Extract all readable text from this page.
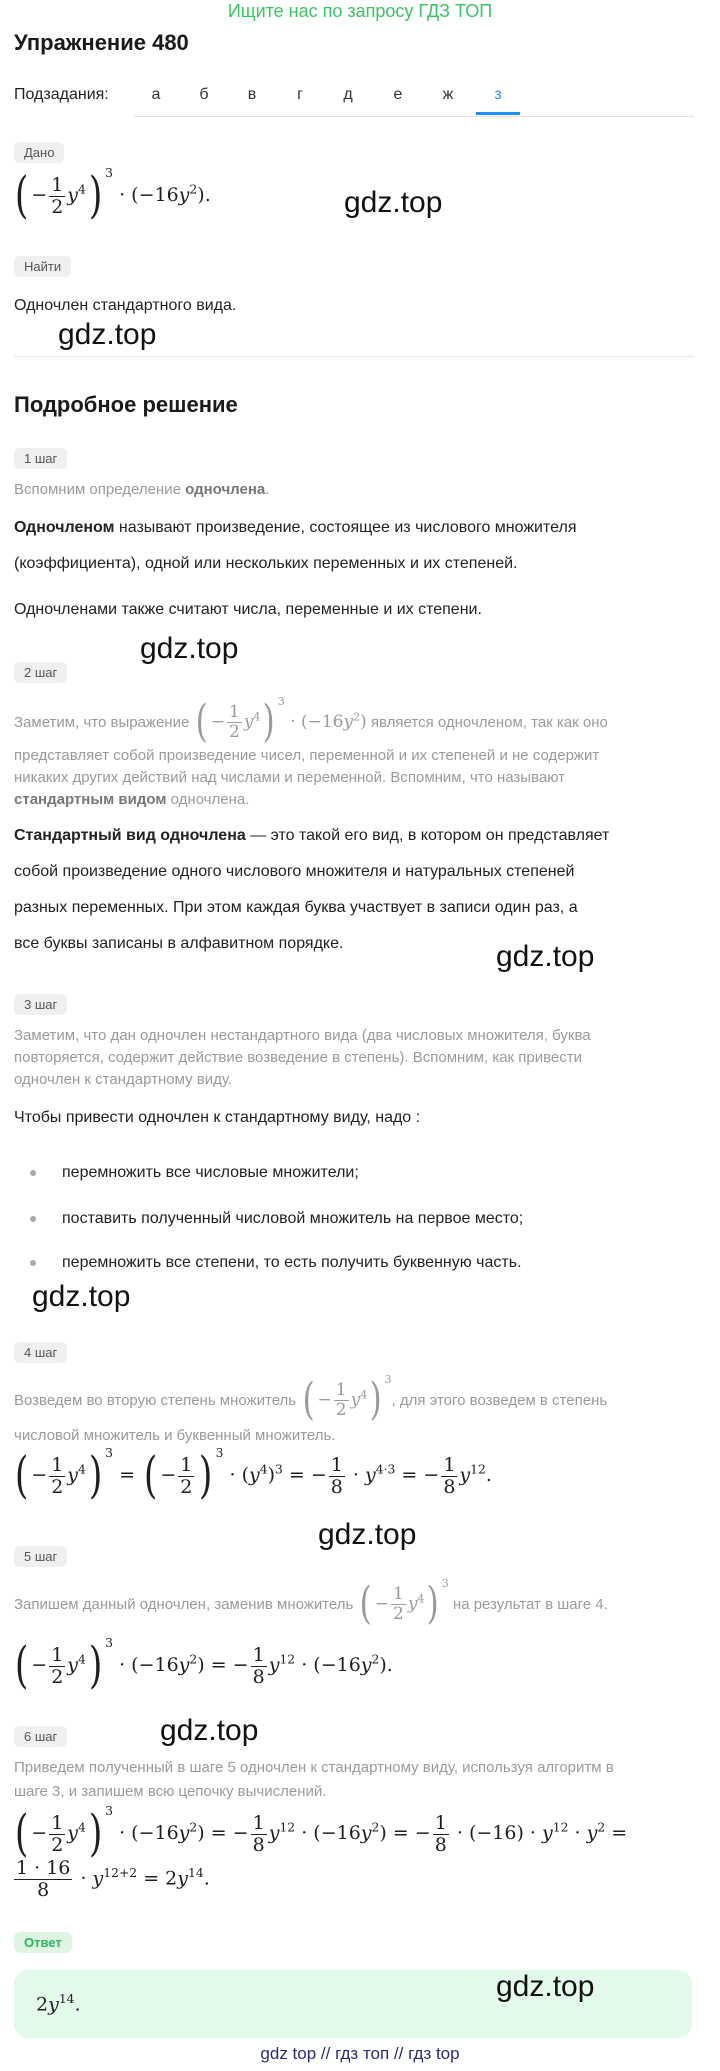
Ищите нас по запросу ГДЗ ТОП
Упражнение 480
Подзадания:	а	б	в	г	д	е	ж	з
Дано
( − $\frac{1}{2} y^4$) $^3 \cdot (-16y^2)$.	gdz.top
Найти
Одночлен стандартного вида.
gdz.top
Подробное решение
1 шаг
Вспомним определение одночлена.
Одночленом называют произведение, состоящее из числового множителя
(коэффициента), одной или нескольких переменных и их степеней.
Одночленами также считают числа, переменные и их степени.
gdz.top
2 шаг
Заметим, что выражение ( − $\frac{1}{2} y^4$) $^3 \cdot (-16y^2)$ является одночленом, так как оно
представляет собой произведение чисел, переменной и их степеней и не содержит
никаких других действий над числами и переменной. Вспомним, что называют
стандартным видом одночлена.
Стандартный вид одночлена — это такой его вид, в котором он представляет
собой произведение одного числового множителя и натуральных степеней
разных переменных. При этом каждая буква участвует в записи один раз, а
все буквы записаны в алфавитном порядке.	gdz.top
3 шаг
Заметим, что дан одночлен нестандартного вида (два числовых множителя, буква
повторяется, содержит действие возведение в степень). Вспомним, как привести
одночлен к стандартному виду.
Чтобы привести одночлен к стандартному виду, надо :
перемножить все числовые множители;
поставить полученный числовой множитель на первое место;
перемножить все степени, то есть получить буквенную часть.
gdz.top
4 шаг
Возведем во вторую степень множитель ( − $\frac{1}{2} y^4$) $^3$, для этого возведем в степень
числовой множитель и буквенный множитель.
( − $\frac{1}{2} y^4$) $^3$ = ( − $\frac{1}{2}$ ) $^3 \cdot (y^4)^3$ = − $\frac{1}{8} \cdot y^{4\cdot 3}$ = − $\frac{1}{8} y^{12}$.
gdz.top
5 шаг
Запишем данный одночлен, заменив множитель ( − $\frac{1}{2} y^4$) $^3$ на результат в шаге 4.
( − $\frac{1}{2} y^4$) $^3 \cdot (-16y^2)$ = − $\frac{1}{8} y^{12} \cdot (-16y^2)$.
gdz.top
6 шаг
Приведем полученный в шаге 5 одночлен к стандартному виду, используя алгоритм в
шаге 3, и запишем всю цепочку вычислений.
( − $\frac{1}{2} y^4$) $^3 \cdot (-16y^2)$ = − $\frac{1}{8} y^{12} \cdot (-16y^2)$ = − $\frac{1}{8} \cdot (-16) \cdot y^{12} \cdot y^2$ =
$\frac{1 \cdot 16}{8} \cdot y^{12+2} = 2y^{14}$.
Ответ
$2y^{14}$.
gdz.top
gdz top // гдз топ // гдз top
